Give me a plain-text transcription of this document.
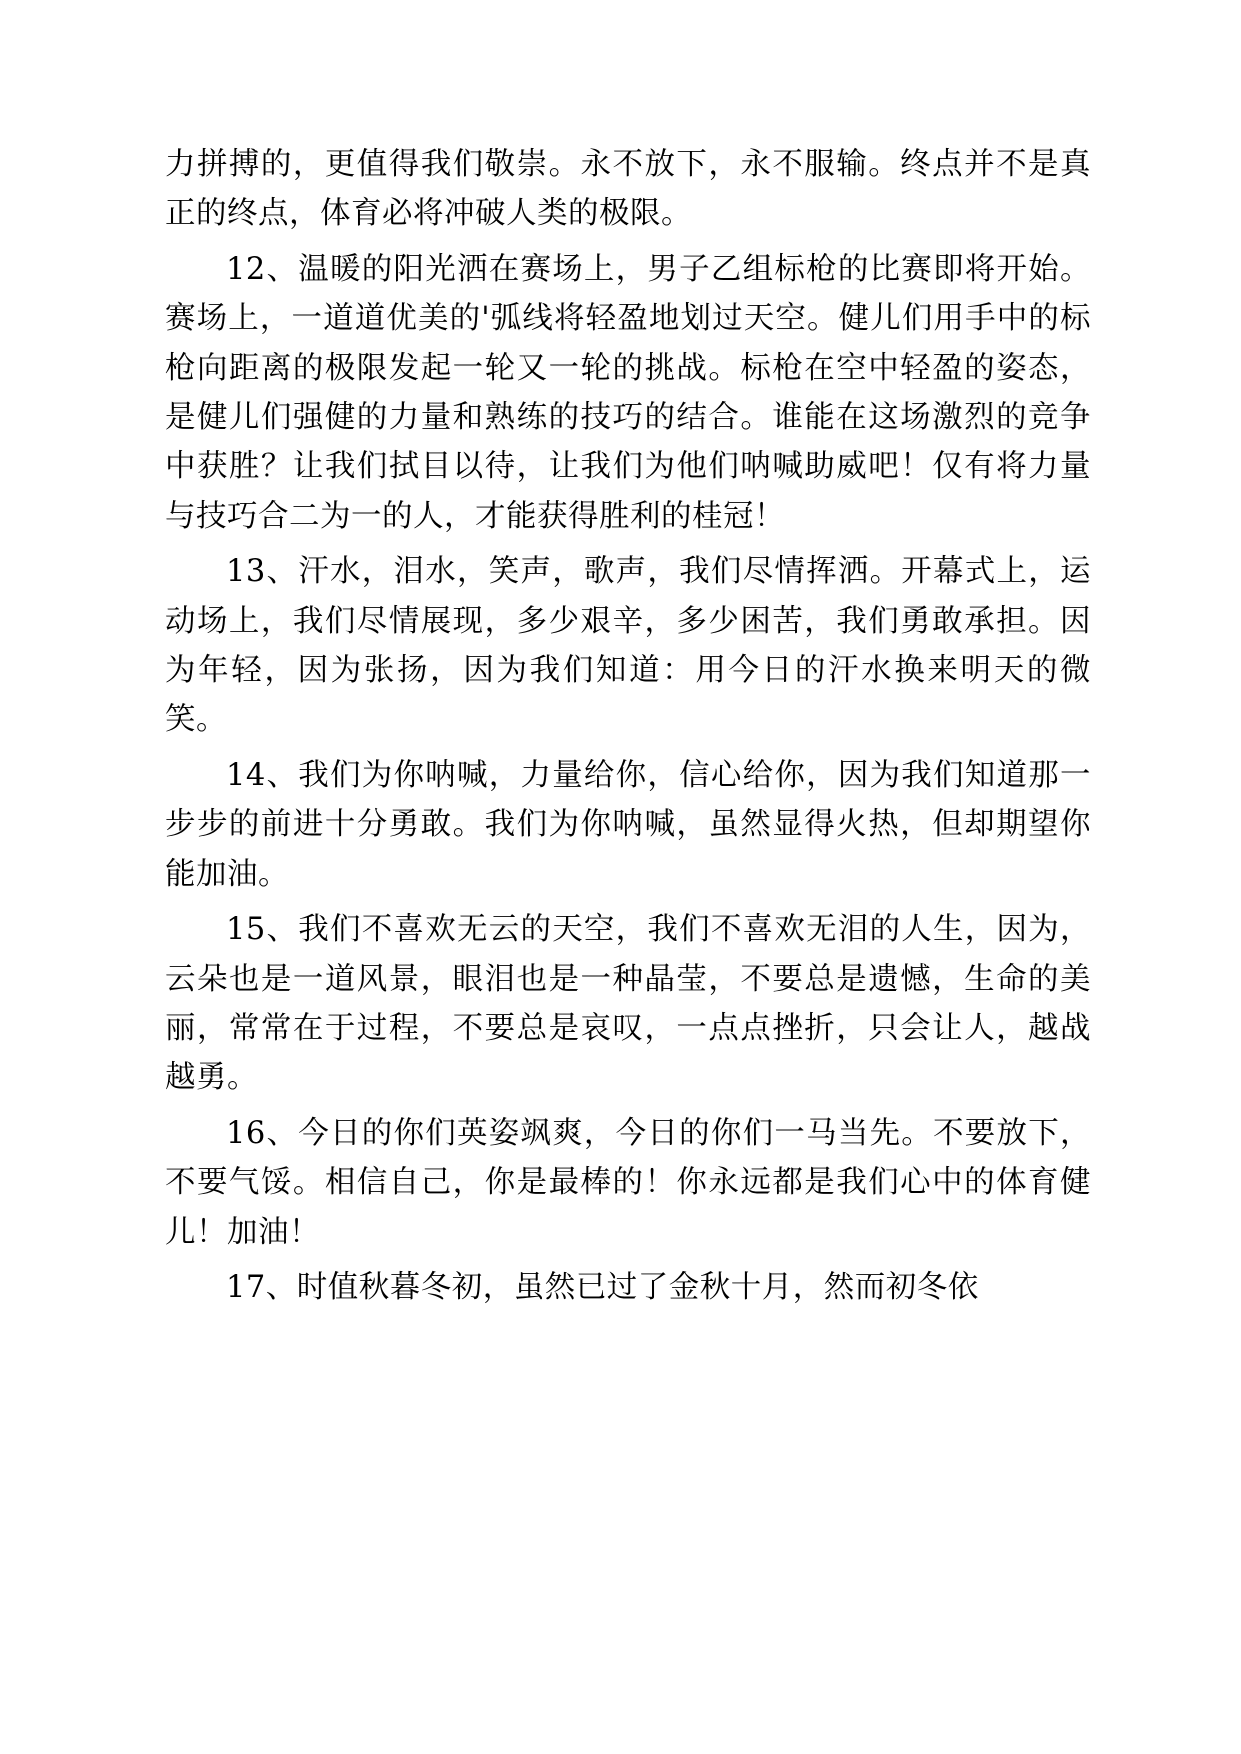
力拼搏的，更值得我们敬崇。永不放下，永不服输。终点并不是真正的终点，体育必将冲破人类的极限。

12、温暖的阳光洒在赛场上，男子乙组标枪的比赛即将开始。赛场上，一道道优美的'弧线将轻盈地划过天空。健儿们用手中的标枪向距离的极限发起一轮又一轮的挑战。标枪在空中轻盈的姿态，是健儿们强健的力量和熟练的技巧的结合。谁能在这场激烈的竞争中获胜？让我们拭目以待，让我们为他们呐喊助威吧！仅有将力量与技巧合二为一的人，才能获得胜利的桂冠！

13、汗水，泪水，笑声，歌声，我们尽情挥洒。开幕式上，运动场上，我们尽情展现，多少艰辛，多少困苦，我们勇敢承担。因为年轻，因为张扬，因为我们知道：用今日的汗水换来明天的微笑。

14、我们为你呐喊，力量给你，信心给你，因为我们知道那一步步的前进十分勇敢。我们为你呐喊，虽然显得火热，但却期望你能加油。

15、我们不喜欢无云的天空，我们不喜欢无泪的人生，因为，云朵也是一道风景，眼泪也是一种晶莹，不要总是遗憾，生命的美丽，常常在于过程，不要总是哀叹，一点点挫折，只会让人，越战越勇。

16、今日的你们英姿飒爽，今日的你们一马当先。不要放下，不要气馁。相信自己，你是最棒的！你永远都是我们心中的体育健儿！加油！

17、时值秋暮冬初，虽然已过了金秋十月，然而初冬依
